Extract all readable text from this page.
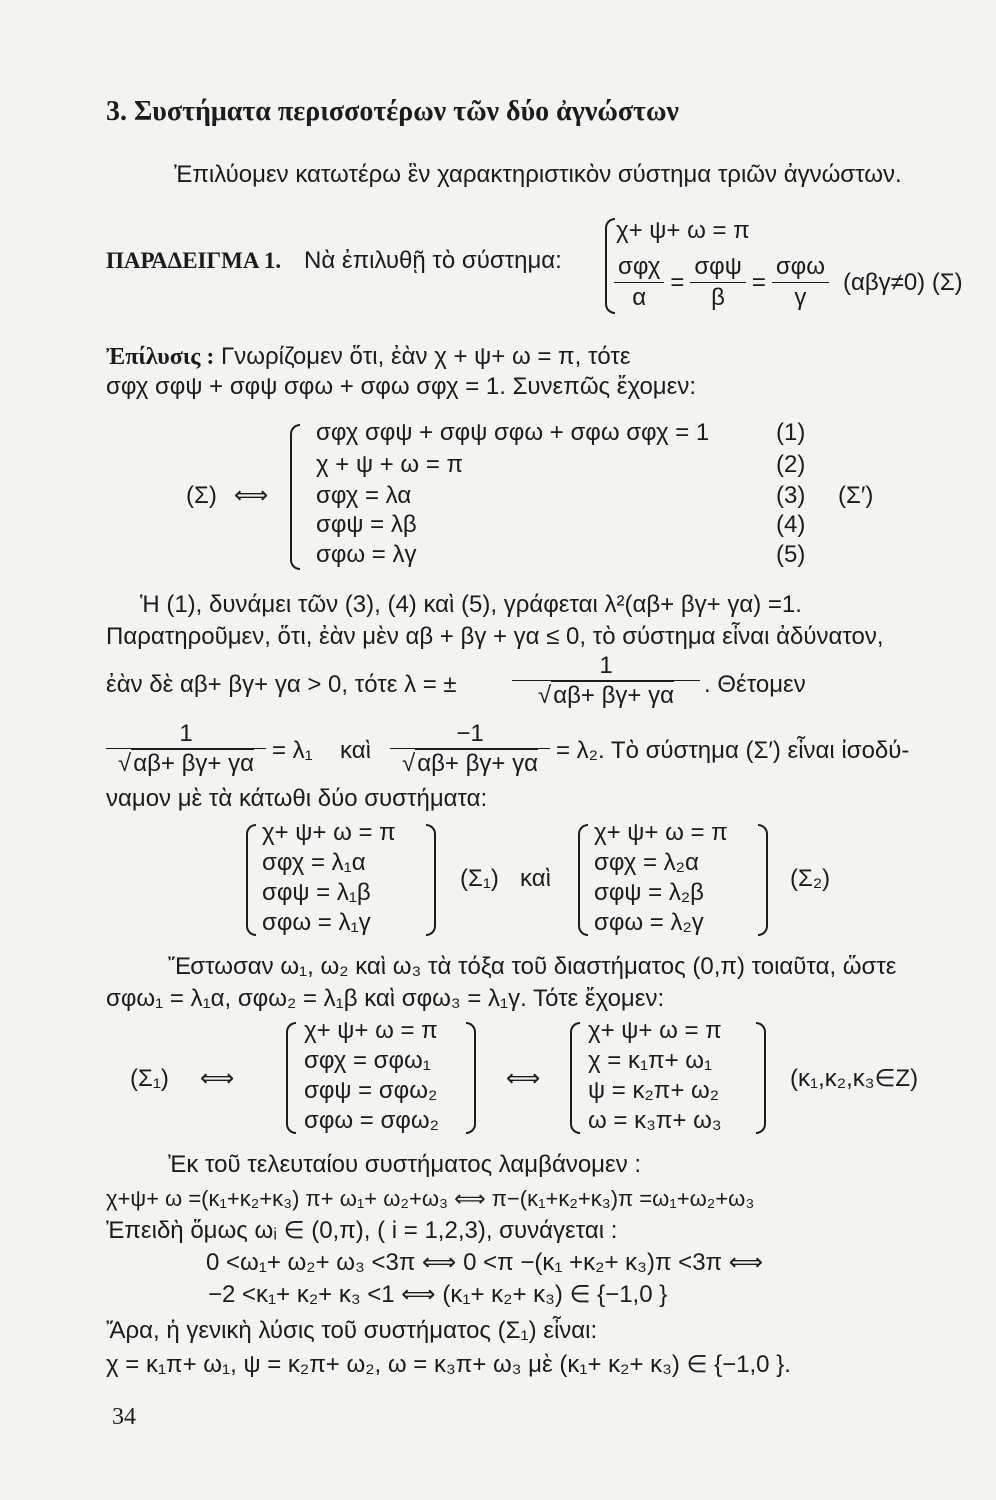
3. Συστήματα περισσοτέρων τῶν δύο ἀγνώστων
Ἐπιλύομεν κατωτέρω ἓν χαρακτηριστικὸν σύστημα τριῶν ἀγνώστων.
ΠΑΡΑΔΕΙΓΜΑ 1. Νὰ ἐπιλυθῇ τὸ σύστημα:
χ+ ψ+ ω = π
$\frac{\text{σφχ}}{\alpha} = \frac{\text{σφψ}}{\beta} = \frac{\text{σφω}}{\gamma} (\alpha\beta\gamma\ne 0)$ (Σ)
Ἐπίλυσις : Γνωρίζομεν ὅτι, ἐὰν χ + ψ+ ω = π, τότε
σφχ σφψ + σφψ σφω + σφω σφχ = 1. Συνεπῶς ἔχομεν:
(Σ) ⟺
σφχ σφψ + σφψ σφω + σφω σφχ = 1
χ + ψ + ω = π
σφχ = λα
σφψ = λβ
σφω = λγ
(1)
(2)
(3)
(4)
(5)
(Σ′)
Ἡ (1), δυνάμει τῶν (3), (4) καὶ (5), γράφεται λ²(αβ+ βγ+ γα) =1.
Παρατηροῦμεν, ὅτι, ἐὰν μὲν αβ + βγ + γα ≤ 0, τὸ σύστημα εἶναι ἀδύνατον,
ἐὰν δὲ αβ+ βγ+ γα > 0, τότε λ = ±
1
√αβ+ βγ+ γα	. Θέτομεν
1
√αβ+ βγ+ γα = λ₁ καὶ
−1
√αβ+ βγ+ γα = λ₂. Τὸ σύστημα (Σ′) εἶναι ἰσοδύ-
ναμον μὲ τὰ κάτωθι δύο συστήματα:
χ+ ψ+ ω = π
σφχ = λ₁α
σφψ = λ₁β
σφω = λ₁γ
(Σ₁) καὶ
χ+ ψ+ ω = π
σφχ = λ₂α
σφψ = λ₂β
σφω = λ₂γ
(Σ₂)
Ἔστωσαν ω₁, ω₂ καὶ ω₃ τὰ τόξα τοῦ διαστήματος (0,π) τοιαῦτα, ὥστε
σφω₁ = λ₁α, σφω₂ = λ₁β καὶ σφω₃ = λ₁γ. Τότε ἔχομεν:
(Σ₁) ⟺
χ+ ψ+ ω = π
σφχ = σφω₁
σφψ = σφω₂
σφω = σφω₂
⟺
χ+ ψ+ ω = π
χ = κ₁π+ ω₁
ψ = κ₂π+ ω₂
ω = κ₃π+ ω₃
(κ₁,κ₂,κ₃∈Z)
Ἐκ τοῦ τελευταίου συστήματος λαμβάνομεν :
χ+ψ+ ω =(κ₁+κ₂+κ₃) π+ ω₁+ ω₂+ω₃ ⟺ π−(κ₁+κ₂+κ₃)π =ω₁+ω₂+ω₃
Ἐπειδὴ ὅμως ωᵢ ∈ (0,π), ( i = 1,2,3), συνάγεται :
0 <ω₁+ ω₂+ ω₃ <3π ⟺ 0 <π −(κ₁ +κ₂+ κ₃)π <3π ⟺
−2 <κ₁+ κ₂+ κ₃ <1 ⟺ (κ₁+ κ₂+ κ₃) ∈ {−1,0 }
Ἄρα, ἡ γενικὴ λύσις τοῦ συστήματος (Σ₁) εἶναι:
χ = κ₁π+ ω₁, ψ = κ₂π+ ω₂, ω = κ₃π+ ω₃ μὲ (κ₁+ κ₂+ κ₃) ∈ {−1,0 }.
34
